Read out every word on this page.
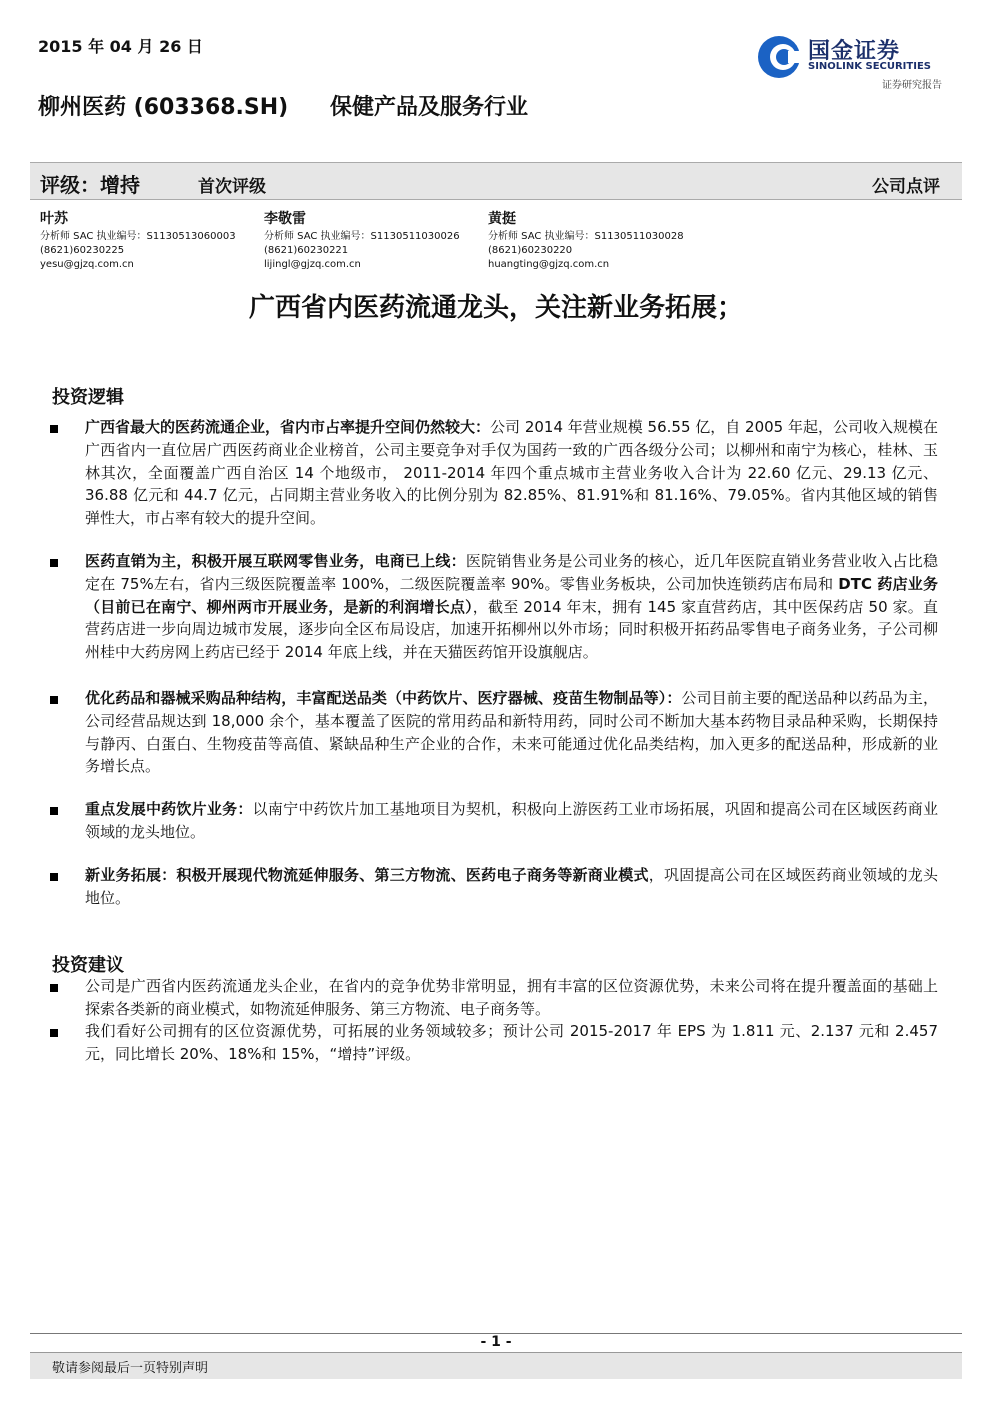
2015 年 04 月 26 日	国金证券
SINOLINK SECURITIES
证券研究报告
柳州医药 (603368.SH) 保健产品及服务行业
评级：增持	首次评级	公司点评
叶苏
分析师 SAC 执业编号：S1130513060003
(8621)60230225
yesu@gjzq.com.cn
李敬雷
分析师 SAC 执业编号：S1130511030026
(8621)60230221
lijingl@gjzq.com.cn
黄挺
分析师 SAC 执业编号：S1130511030028
(8621)60230220
huangting@gjzq.com.cn
广西省内医药流通龙头，关注新业务拓展；
投资逻辑
广西省最大的医药流通企业，省内市占率提升空间仍然较大：公司 2014 年营业规模 56.55 亿，自 2005 年起，公司收入规模在广西省内一直位居广西医药商业企业榜首，公司主要竞争对手仅为国药一致的广西各级分公司；以柳州和南宁为核心，桂林、玉林其次，全面覆盖广西自治区 14 个地级市， 2011-2014 年四个重点城市主营业务收入合计为 22.60 亿元、29.13 亿元、36.88 亿元和 44.7 亿元，占同期主营业务收入的比例分别为 82.85%、81.91%和 81.16%、79.05%。省内其他区域的销售弹性大，市占率有较大的提升空间。
医药直销为主，积极开展互联网零售业务，电商已上线：医院销售业务是公司业务的核心，近几年医院直销业务营业收入占比稳定在 75%左右，省内三级医院覆盖率 100%，二级医院覆盖率 90%。零售业务板块，公司加快连锁药店布局和 DTC 药店业务（目前已在南宁、柳州两市开展业务，是新的利润增长点），截至 2014 年末，拥有 145 家直营药店，其中医保药店 50 家。直营药店进一步向周边城市发展，逐步向全区布局设店，加速开拓柳州以外市场；同时积极开拓药品零售电子商务业务，子公司柳州桂中大药房网上药店已经于 2014 年底上线，并在天猫医药馆开设旗舰店。
优化药品和器械采购品种结构，丰富配送品类（中药饮片、医疗器械、疫苗生物制品等）：公司目前主要的配送品种以药品为主，公司经营品规达到 18,000 余个，基本覆盖了医院的常用药品和新特用药，同时公司不断加大基本药物目录品种采购，长期保持与静丙、白蛋白、生物疫苗等高值、紧缺品种生产企业的合作，未来可能通过优化品类结构，加入更多的配送品种，形成新的业务增长点。
重点发展中药饮片业务：以南宁中药饮片加工基地项目为契机，积极向上游医药工业市场拓展，巩固和提高公司在区域医药商业领域的龙头地位。
新业务拓展：积极开展现代物流延伸服务、第三方物流、医药电子商务等新商业模式，巩固提高公司在区域医药商业领域的龙头地位。
投资建议
公司是广西省内医药流通龙头企业，在省内的竞争优势非常明显，拥有丰富的区位资源优势，未来公司将在提升覆盖面的基础上探索各类新的商业模式，如物流延伸服务、第三方物流、电子商务等。
我们看好公司拥有的区位资源优势，可拓展的业务领域较多；预计公司 2015-2017 年 EPS 为 1.811 元、2.137 元和 2.457 元，同比增长 20%、18%和 15%，“增持”评级。
- 1 -
敬请参阅最后一页特别声明
